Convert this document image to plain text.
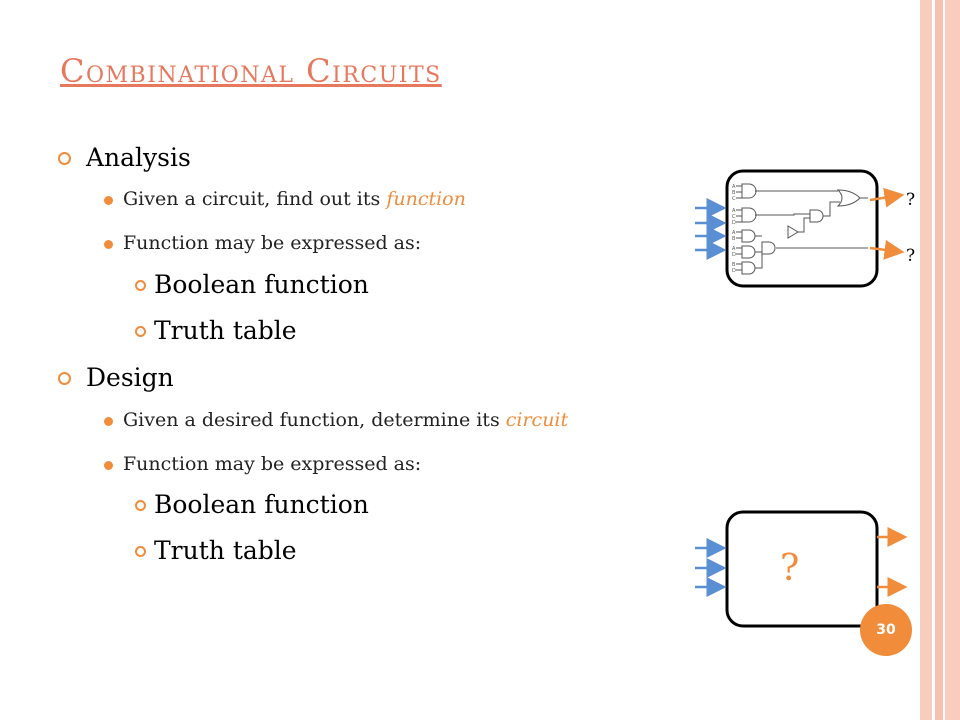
Combinational Circuits
Analysis
Given a circuit, find out its function
Function may be expressed as:
Boolean function
Truth table
Design
Given a desired function, determine its circuit
Function may be expressed as:
Boolean function
Truth table
A
B
C
A
C
D
A
B
A
D
B
D
?
?
?
30
